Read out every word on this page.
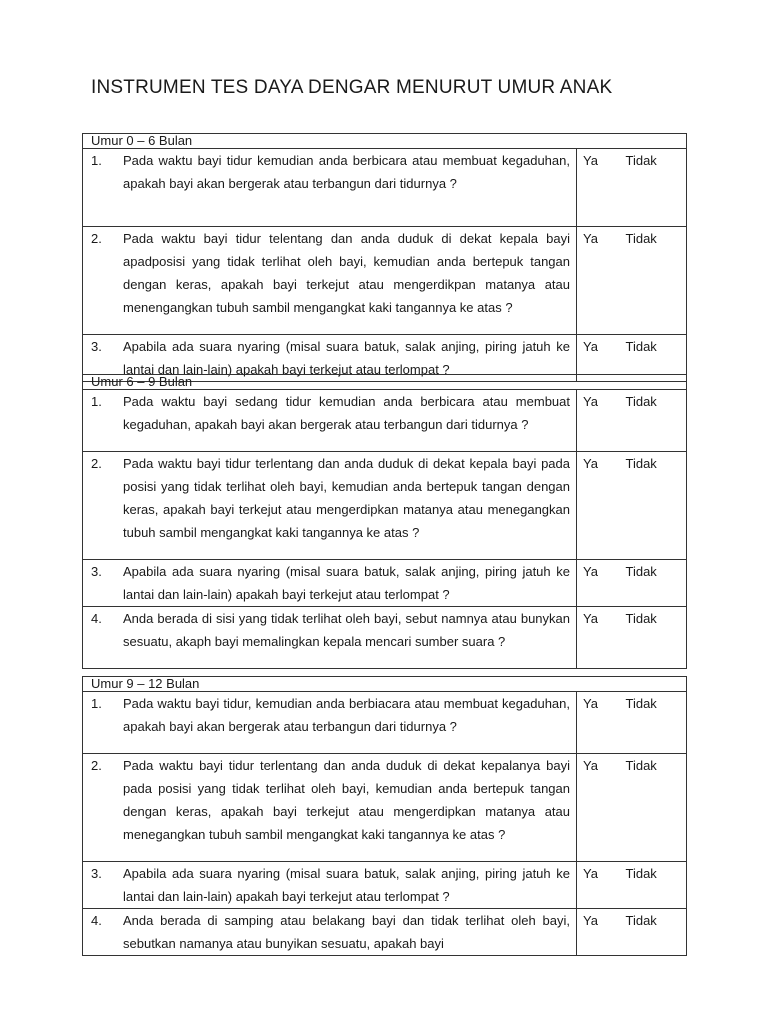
INSTRUMEN TES DAYA DENGAR MENURUT UMUR ANAK
Umur 0 – 6 Bulan		

1. Pada waktu bayi tidur kemudian anda berbicara atau membuat kegaduhan, apakah bayi akan bergerak atau terbangun dari tidurnya ?	Ya	Tidak

2. Pada waktu bayi tidur telentang dan anda duduk di dekat kepala bayi apadposisi yang tidak terlihat oleh bayi, kemudian anda bertepuk tangan dengan keras, apakah bayi terkejut atau mengerdikpan matanya atau menengangkan tubuh sambil mengangkat kaki tangannya ke atas ?	Ya	Tidak

3. Apabila ada suara nyaring (misal suara batuk, salak anjing, piring jatuh ke lantai dan lain-lain) apakah bayi terkejut atau terlompat ?	Ya	Tidak
Umur 6 – 9 Bulan		

1. Pada waktu bayi sedang tidur kemudian anda berbicara atau membuat kegaduhan, apakah bayi akan bergerak atau terbangun dari tidurnya ?	Ya	Tidak

2. Pada waktu bayi tidur terlentang dan anda duduk di dekat kepala bayi pada posisi yang tidak terlihat oleh bayi, kemudian anda bertepuk tangan dengan keras, apakah bayi terkejut atau mengerdipkan matanya atau menegangkan tubuh sambil mengangkat kaki tangannya ke atas ?	Ya	Tidak

3. Apabila ada suara nyaring (misal suara batuk, salak anjing, piring jatuh ke lantai dan lain-lain) apakah bayi terkejut atau terlompat ?	Ya	Tidak

4. Anda berada di sisi yang tidak terlihat oleh bayi, sebut namnya atau bunykan sesuatu, akaph bayi memalingkan kepala mencari sumber suara ?	Ya	Tidak
Umur 9 – 12 Bulan		

1. Pada waktu bayi tidur, kemudian anda berbiacara atau membuat kegaduhan, apakah bayi akan bergerak atau terbangun dari tidurnya ?	Ya	Tidak

2. Pada waktu bayi tidur terlentang dan anda duduk di dekat kepalanya bayi pada posisi yang tidak terlihat oleh bayi, kemudian anda bertepuk tangan dengan keras, apakah bayi terkejut atau mengerdipkan matanya atau menegangkan tubuh sambil mengangkat kaki tangannya ke atas ?	Ya	Tidak

3. Apabila ada suara nyaring (misal suara batuk, salak anjing, piring jatuh ke lantai dan lain-lain) apakah bayi terkejut atau terlompat ?	Ya	Tidak

4. Anda berada di samping atau belakang bayi dan tidak terlihat oleh bayi, sebutkan namanya atau bunyikan sesuatu, apakah bayi	Ya	Tidak
